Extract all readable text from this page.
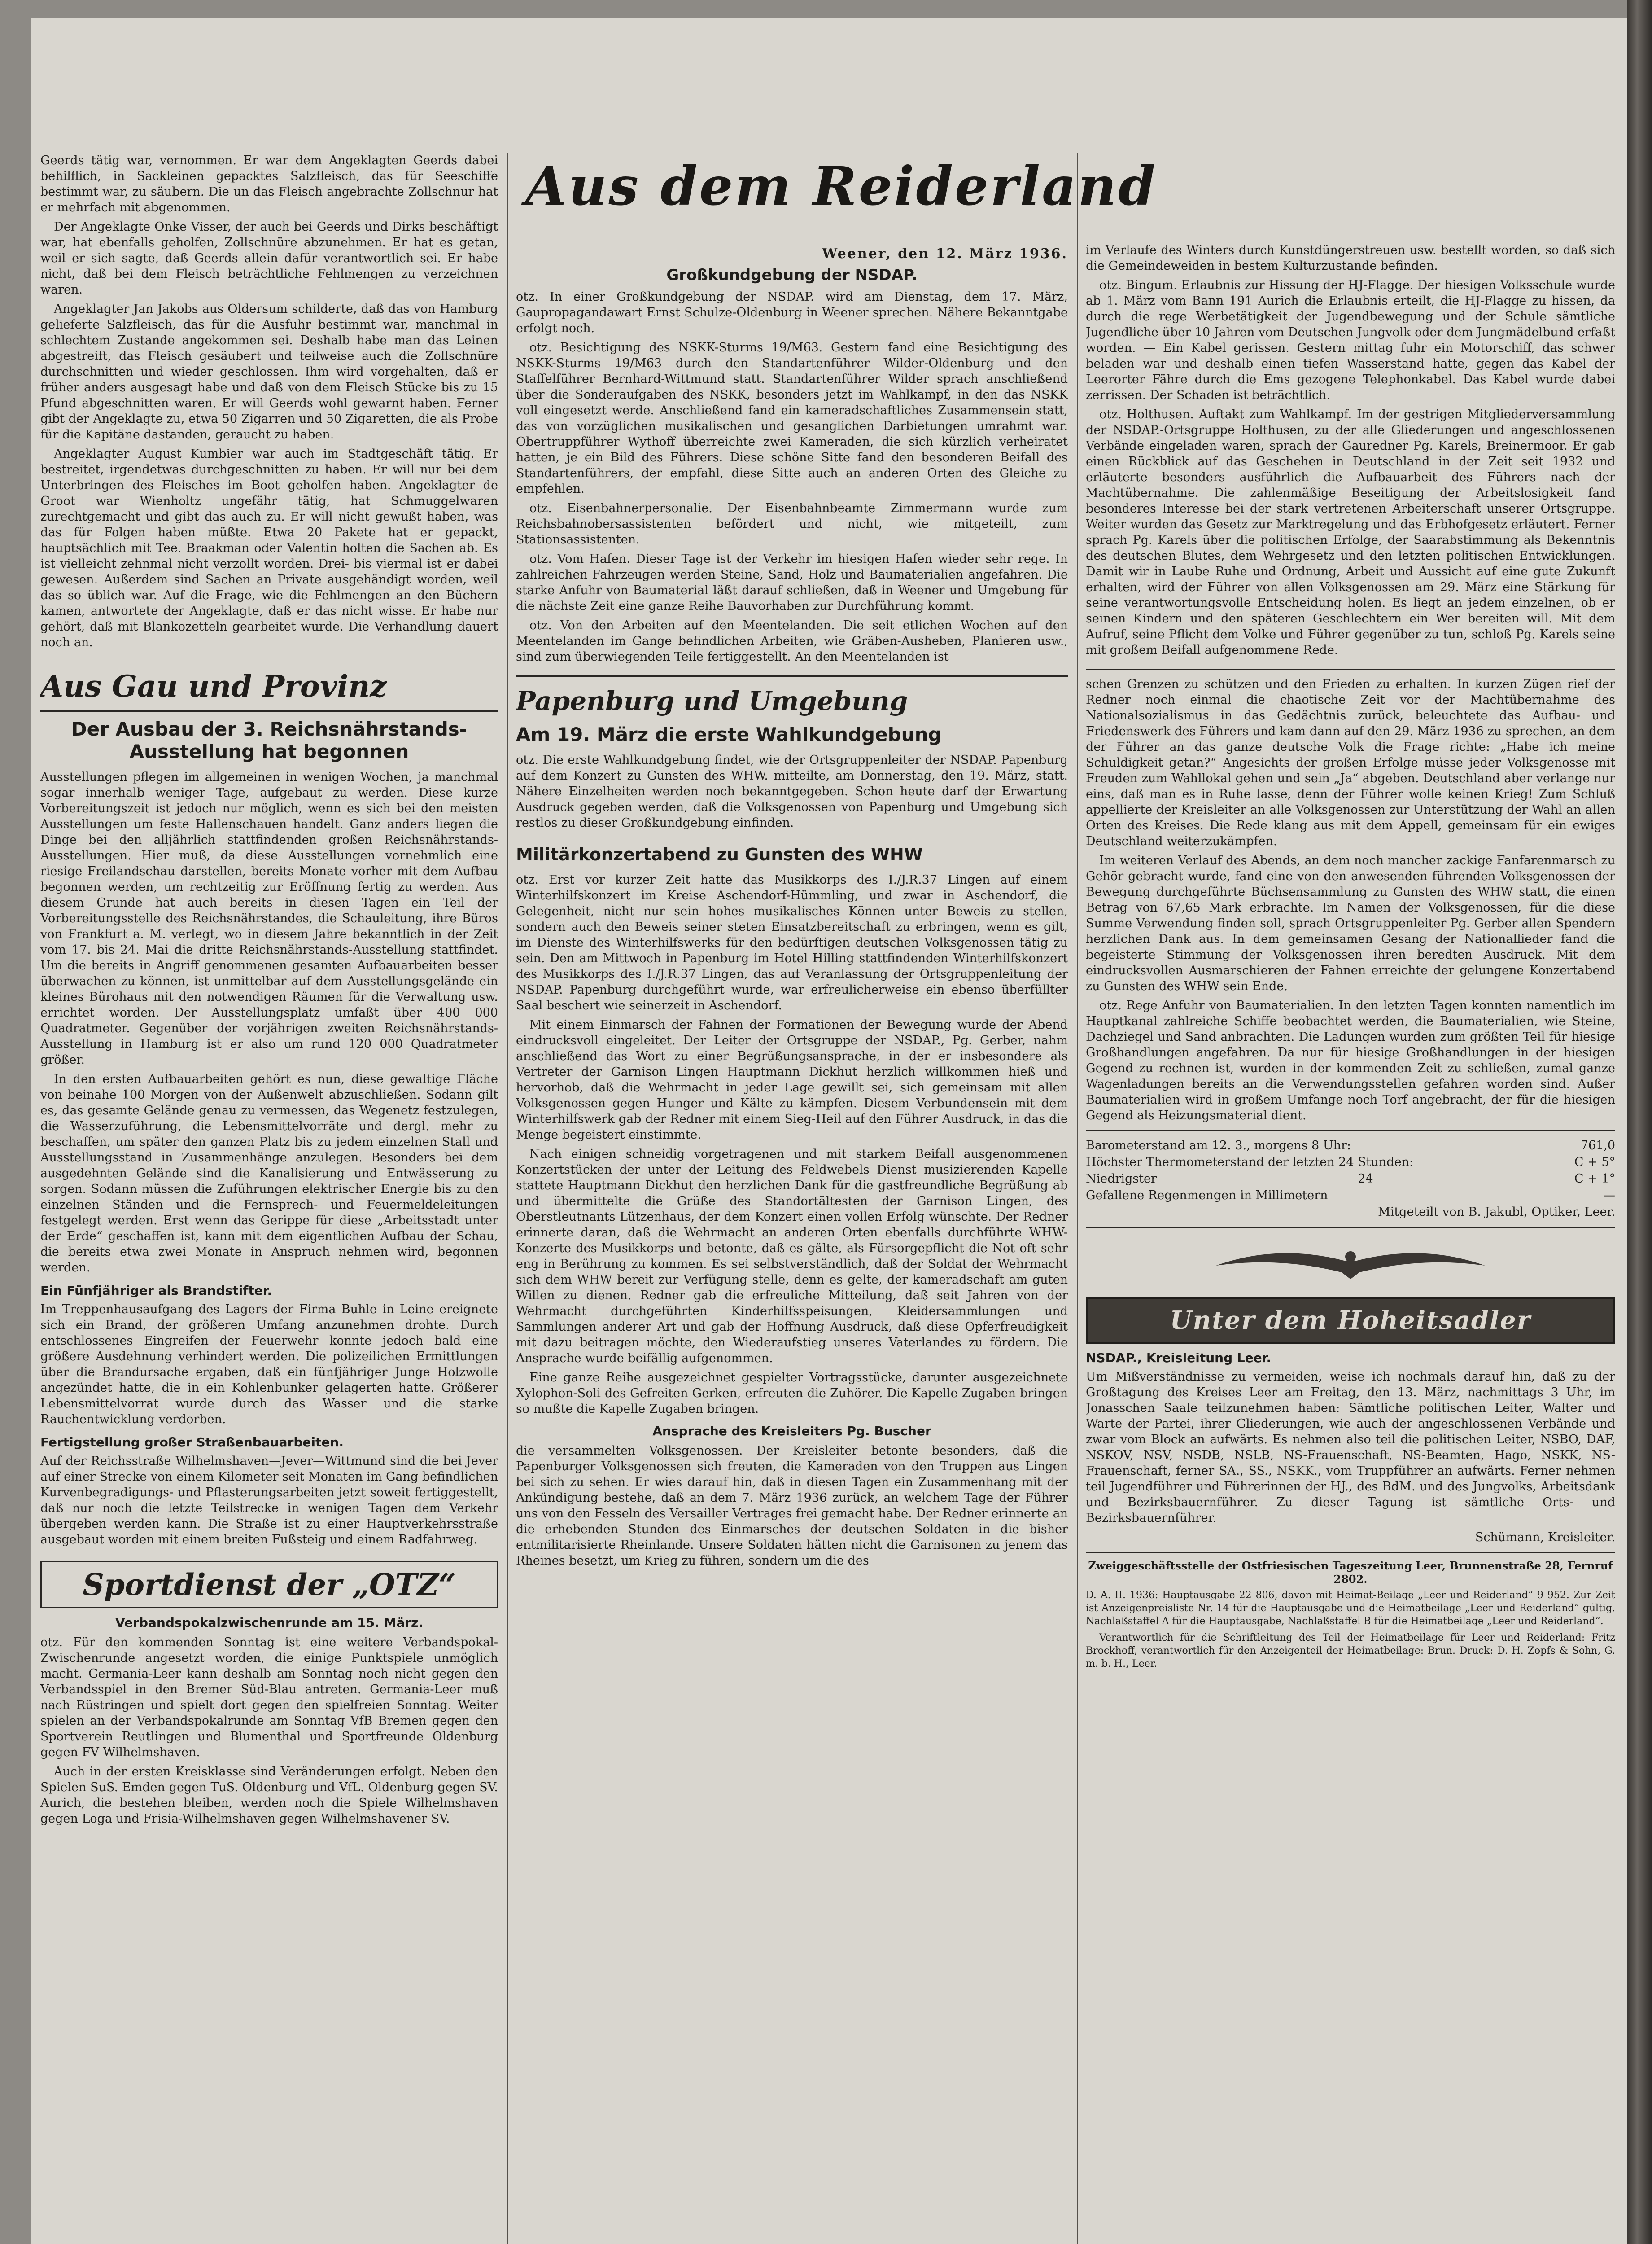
Geerds tätig war, vernommen. Er war dem Angeklagten Geerds dabei behilflich, in Sackleinen gepacktes Salzfleisch, das für Seeschiffe bestimmt war, zu säubern. Die un das Fleisch angebrachte Zollschnur hat er mehrfach mit abgenommen.

Der Angeklagte Onke Visser, der auch bei Geerds und Dirks beschäftigt war, hat ebenfalls geholfen, Zollschnüre abzunehmen. Er hat es getan, weil er sich sagte, daß Geerds allein dafür verantwortlich sei. Er habe nicht, daß bei dem Fleisch beträchtliche Fehlmengen zu verzeichnen waren.

Angeklagter Jan Jakobs aus Oldersum schilderte, daß das von Hamburg gelieferte Salzfleisch, das für die Ausfuhr bestimmt war, manchmal in schlechtem Zustande angekommen sei. Deshalb habe man das Leinen abgestreift, das Fleisch gesäubert und teilweise auch die Zollschnüre durchschnitten und wieder geschlossen. Ihm wird vorgehalten, daß er früher anders ausgesagt habe und daß von dem Fleisch Stücke bis zu 15 Pfund abgeschnitten waren. Er will Geerds wohl gewarnt haben. Ferner gibt der Angeklagte zu, etwa 50 Zigarren und 50 Zigaretten, die als Probe für die Kapitäne dastanden, geraucht zu haben.

Angeklagter August Kumbier war auch im Stadtgeschäft tätig. Er bestreitet, irgendetwas durchgeschnitten zu haben. Er will nur bei dem Unterbringen des Fleisches im Boot geholfen haben. Angeklagter de Groot war Wienholtz ungefähr tätig, hat Schmuggelwaren zurechtgemacht und gibt das auch zu. Er will nicht gewußt haben, was das für Folgen haben müßte. Etwa 20 Pakete hat er gepackt, hauptsächlich mit Tee. Braakman oder Valentin holten die Sachen ab. Es ist vielleicht zehnmal nicht verzollt worden. Drei- bis viermal ist er dabei gewesen. Außerdem sind Sachen an Private ausgehändigt worden, weil das so üblich war. Auf die Frage, wie die Fehlmengen an den Büchern kamen, antwortete der Angeklagte, daß er das nicht wisse. Er habe nur gehört, daß mit Blankozetteln gearbeitet wurde. Die Verhandlung dauert noch an.

Aus Gau und Provinz
Der Ausbau der 3. Reichsnährstands-Ausstellung hat begonnen

Ausstellungen pflegen im allgemeinen in wenigen Wochen, ja manchmal sogar innerhalb weniger Tage, aufgebaut zu werden. Diese kurze Vorbereitungszeit ist jedoch nur möglich, wenn es sich bei den meisten Ausstellungen um feste Hallenschauen handelt. Ganz anders liegen die Dinge bei den alljährlich stattfindenden großen Reichsnährstands-Ausstellungen. Hier muß, da diese Ausstellungen vornehmlich eine riesige Freilandschau darstellen, bereits Monate vorher mit dem Aufbau begonnen werden, um rechtzeitig zur Eröffnung fertig zu werden. Aus diesem Grunde hat auch bereits in diesen Tagen ein Teil der Vorbereitungsstelle des Reichsnährstandes, die Schauleitung, ihre Büros von Frankfurt a. M. verlegt, wo in diesem Jahre bekanntlich in der Zeit vom 17. bis 24. Mai die dritte Reichsnährstands-Ausstellung stattfindet. Um die bereits in Angriff genommenen gesamten Aufbauarbeiten besser überwachen zu können, ist unmittelbar auf dem Ausstellungsgelände ein kleines Bürohaus mit den notwendigen Räumen für die Verwaltung usw. errichtet worden. Der Ausstellungsplatz umfaßt über 400 000 Quadratmeter. Gegenüber der vorjährigen zweiten Reichsnährstands-Ausstellung in Hamburg ist er also um rund 120 000 Quadratmeter größer.

In den ersten Aufbauarbeiten gehört es nun, diese gewaltige Fläche von beinahe 100 Morgen von der Außenwelt abzuschließen. Sodann gilt es, das gesamte Gelände genau zu vermessen, das Wegenetz festzulegen, die Wasserzuführung, die Lebensmittelvorräte und dergl. mehr zu beschaffen, um später den ganzen Platz bis zu jedem einzelnen Stall und Ausstellungsstand in Zusammenhänge anzulegen. Besonders bei dem ausgedehnten Gelände sind die Kanalisierung und Entwässerung zu sorgen. Sodann müssen die Zuführungen elektrischer Energie bis zu den einzelnen Ständen und die Fernsprech- und Feuermeldeleitungen festgelegt werden. Erst wenn das Gerippe für diese „Arbeitsstadt unter der Erde“ geschaffen ist, kann mit dem eigentlichen Aufbau der Schau, die bereits etwa zwei Monate in Anspruch nehmen wird, begonnen werden.

Ein Fünfjähriger als Brandstifter.

Im Treppenhausaufgang des Lagers der Firma Buhle in Leine ereignete sich ein Brand, der größeren Umfang anzunehmen drohte. Durch entschlossenes Eingreifen der Feuerwehr konnte jedoch bald eine größere Ausdehnung verhindert werden. Die polizeilichen Ermittlungen über die Brandursache ergaben, daß ein fünfjähriger Junge Holzwolle angezündet hatte, die in ein Kohlenbunker gelagerten hatte. Größerer Lebensmittelvorrat wurde durch das Wasser und die starke Rauchentwicklung verdorben.

Fertigstellung großer Straßenbauarbeiten.

Auf der Reichsstraße Wilhelmshaven—Jever—Wittmund sind die bei Jever auf einer Strecke von einem Kilometer seit Monaten im Gang befindlichen Kurvenbegradigungs- und Pflasterungsarbeiten jetzt soweit fertiggestellt, daß nur noch die letzte Teilstrecke in wenigen Tagen dem Verkehr übergeben werden kann. Die Straße ist zu einer Hauptverkehrsstraße ausgebaut worden mit einem breiten Fußsteig und einem Radfahrweg.

Sportdienst der „OTZ“
Verbandspokalzwischenrunde am 15. März.

otz. Für den kommenden Sonntag ist eine weitere Verbandspokal-Zwischenrunde angesetzt worden, die einige Punktspiele unmöglich macht. Germania-Leer kann deshalb am Sonntag noch nicht gegen den Verbandsspiel in den Bremer Süd-Blau antreten. Germania-Leer muß nach Rüstringen und spielt dort gegen den spielfreien Sonntag. Weiter spielen an der Verbandspokalrunde am Sonntag VfB Bremen gegen den Sportverein Reutlingen und Blumenthal und Sportfreunde Oldenburg gegen FV Wilhelmshaven.

Auch in der ersten Kreisklasse sind Veränderungen erfolgt. Neben den Spielen SuS. Emden gegen TuS. Oldenburg und VfL. Oldenburg gegen SV. Aurich, die bestehen bleiben, werden noch die Spiele Wilhelmshaven gegen Loga und Frisia-Wilhelmshaven gegen Wilhelmshavener SV.

Aus dem Reiderland
Weener, den 12. März 1936.
Großkundgebung der NSDAP.

otz. In einer Großkundgebung der NSDAP. wird am Dienstag, dem 17. März, Gaupropagandawart Ernst Schulze-Oldenburg in Weener sprechen. Nähere Bekanntgabe erfolgt noch.

otz. Besichtigung des NSKK-Sturms 19/M63. Gestern fand eine Besichtigung des NSKK-Sturms 19/M63 durch den Standartenführer Wilder-Oldenburg und den Staffelführer Bernhard-Wittmund statt. Standartenführer Wilder sprach anschließend über die Sonderaufgaben des NSKK, besonders jetzt im Wahlkampf, in den das NSKK voll eingesetzt werde. Anschließend fand ein kameradschaftliches Zusammensein statt, das von vorzüglichen musikalischen und gesanglichen Darbietungen umrahmt war. Obertruppführer Wythoff überreichte zwei Kameraden, die sich kürzlich verheiratet hatten, je ein Bild des Führers. Diese schöne Sitte fand den besonderen Beifall des Standartenführers, der empfahl, diese Sitte auch an anderen Orten des Gleiche zu empfehlen.

otz. Eisenbahnerpersonalie. Der Eisenbahnbeamte Zimmermann wurde zum Reichsbahnobersassistenten befördert und nicht, wie mitgeteilt, zum Stationsassistenten.

otz. Vom Hafen. Dieser Tage ist der Verkehr im hiesigen Hafen wieder sehr rege. In zahlreichen Fahrzeugen werden Steine, Sand, Holz und Baumaterialien angefahren. Die starke Anfuhr von Baumaterial läßt darauf schließen, daß in Weener und Umgebung für die nächste Zeit eine ganze Reihe Bauvorhaben zur Durchführung kommt.

otz. Von den Arbeiten auf den Meentelanden. Die seit etlichen Wochen auf den Meentelanden im Gange befindlichen Arbeiten, wie Gräben-Ausheben, Planieren usw., sind zum überwiegenden Teile fertiggestellt. An den Meentelanden ist

Papenburg und Umgebung
Am 19. März die erste Wahlkundgebung

otz. Die erste Wahlkundgebung findet, wie der Ortsgruppenleiter der NSDAP. Papenburg auf dem Konzert zu Gunsten des WHW. mitteilte, am Donnerstag, den 19. März, statt. Nähere Einzelheiten werden noch bekanntgegeben. Schon heute darf der Erwartung Ausdruck gegeben werden, daß die Volksgenossen von Papenburg und Umgebung sich restlos zu dieser Großkundgebung einfinden.

Militärkonzertabend zu Gunsten des WHW

otz. Erst vor kurzer Zeit hatte das Musikkorps des I./J.R.37 Lingen auf einem Winterhilfskonzert im Kreise Aschendorf-Hümmling, und zwar in Aschendorf, die Gelegenheit, nicht nur sein hohes musikalisches Können unter Beweis zu stellen, sondern auch den Beweis seiner steten Einsatzbereitschaft zu erbringen, wenn es gilt, im Dienste des Winterhilfswerks für den bedürftigen deutschen Volksgenossen tätig zu sein. Den am Mittwoch in Papenburg im Hotel Hilling stattfindenden Winterhilfskonzert des Musikkorps des I./J.R.37 Lingen, das auf Veranlassung der Ortsgruppenleitung der NSDAP. Papenburg durchgeführt wurde, war erfreulicherweise ein ebenso überfüllter Saal beschert wie seinerzeit in Aschendorf.

Mit einem Einmarsch der Fahnen der Formationen der Bewegung wurde der Abend eindrucksvoll eingeleitet. Der Leiter der Ortsgruppe der NSDAP., Pg. Gerber, nahm anschließend das Wort zu einer Begrüßungsansprache, in der er insbesondere als Vertreter der Garnison Lingen Hauptmann Dickhut herzlich willkommen hieß und hervorhob, daß die Wehrmacht in jeder Lage gewillt sei, sich gemeinsam mit allen Volksgenossen gegen Hunger und Kälte zu kämpfen. Diesem Verbundensein mit dem Winterhilfswerk gab der Redner mit einem Sieg-Heil auf den Führer Ausdruck, in das die Menge begeistert einstimmte.

Nach einigen schneidig vorgetragenen und mit starkem Beifall ausgenommenen Konzertstücken der unter der Leitung des Feldwebels Dienst musizierenden Kapelle stattete Hauptmann Dickhut den herzlichen Dank für die gastfreundliche Begrüßung ab und übermittelte die Grüße des Standortältesten der Garnison Lingen, des Oberstleutnants Lützenhaus, der dem Konzert einen vollen Erfolg wünschte. Der Redner erinnerte daran, daß die Wehrmacht an anderen Orten ebenfalls durchführte WHW-Konzerte des Musikkorps und betonte, daß es gälte, als Fürsorgepflicht die Not oft sehr eng in Berührung zu kommen. Es sei selbstverständlich, daß der Soldat der Wehrmacht sich dem WHW bereit zur Verfügung stelle, denn es gelte, der kameradschaft am guten Willen zu dienen. Redner gab die erfreuliche Mitteilung, daß seit Jahren von der Wehrmacht durchgeführten Kinderhilfsspeisungen, Kleidersammlungen und Sammlungen anderer Art und gab der Hoffnung Ausdruck, daß diese Opferfreudigkeit mit dazu beitragen möchte, den Wiederaufstieg unseres Vaterlandes zu fördern. Die Ansprache wurde beifällig aufgenommen.

Eine ganze Reihe ausgezeichnet gespielter Vortragsstücke, darunter ausgezeichnete Xylophon-Soli des Gefreiten Gerken, erfreuten die Zuhörer. Die Kapelle Zugaben bringen so mußte die Kapelle Zugaben bringen.

Ansprache des Kreisleiters Pg. Buscher

die versammelten Volksgenossen. Der Kreisleiter betonte besonders, daß die Papenburger Volksgenossen sich freuten, die Kameraden von den Truppen aus Lingen bei sich zu sehen. Er wies darauf hin, daß in diesen Tagen ein Zusammenhang mit der Ankündigung bestehe, daß an dem 7. März 1936 zurück, an welchem Tage der Führer uns von den Fesseln des Versailler Vertrages frei gemacht habe. Der Redner erinnerte an die erhebenden Stunden des Einmarsches der deutschen Soldaten in die bisher entmilitarisierte Rheinlande. Unsere Soldaten hätten nicht die Garnisonen zu jenem das Rheines besetzt, um Krieg zu führen, sondern um die des

im Verlaufe des Winters durch Kunstdüngerstreuen usw. bestellt worden, so daß sich die Gemeindeweiden in bestem Kulturzustande befinden.

otz. Bingum. Erlaubnis zur Hissung der HJ-Flagge. Der hiesigen Volksschule wurde ab 1. März vom Bann 191 Aurich die Erlaubnis erteilt, die HJ-Flagge zu hissen, da durch die rege Werbetätigkeit der Jugendbewegung und der Schule sämtliche Jugendliche über 10 Jahren vom Deutschen Jungvolk oder dem Jungmädelbund erfaßt worden. — Ein Kabel gerissen. Gestern mittag fuhr ein Motorschiff, das schwer beladen war und deshalb einen tiefen Wasserstand hatte, gegen das Kabel der Leerorter Fähre durch die Ems gezogene Telephonkabel. Das Kabel wurde dabei zerrissen. Der Schaden ist beträchtlich.

otz. Holthusen. Auftakt zum Wahlkampf. Im der gestrigen Mitgliederversammlung der NSDAP.-Ortsgruppe Holthusen, zu der alle Gliederungen und angeschlossenen Verbände eingeladen waren, sprach der Gauredner Pg. Karels, Breinermoor. Er gab einen Rückblick auf das Geschehen in Deutschland in der Zeit seit 1932 und erläuterte besonders ausführlich die Aufbauarbeit des Führers nach der Machtübernahme. Die zahlenmäßige Beseitigung der Arbeitslosigkeit fand besonderes Interesse bei der stark vertretenen Arbeiterschaft unserer Ortsgruppe. Weiter wurden das Gesetz zur Marktregelung und das Erbhofgesetz erläutert. Ferner sprach Pg. Karels über die politischen Erfolge, der Saarabstimmung als Bekenntnis des deutschen Blutes, dem Wehrgesetz und den letzten politischen Entwicklungen. Damit wir in Laube Ruhe und Ordnung, Arbeit und Aussicht auf eine gute Zukunft erhalten, wird der Führer von allen Volksgenossen am 29. März eine Stärkung für seine verantwortungsvolle Entscheidung holen. Es liegt an jedem einzelnen, ob er seinen Kindern und den späteren Geschlechtern ein Wer bereiten will. Mit dem Aufruf, seine Pflicht dem Volke und Führer gegenüber zu tun, schloß Pg. Karels seine mit großem Beifall aufgenommene Rede.

schen Grenzen zu schützen und den Frieden zu erhalten. In kurzen Zügen rief der Redner noch einmal die chaotische Zeit vor der Machtübernahme des Nationalsozialismus in das Gedächtnis zurück, beleuchtete das Aufbau- und Friedenswerk des Führers und kam dann auf den 29. März 1936 zu sprechen, an dem der Führer an das ganze deutsche Volk die Frage richte: „Habe ich meine Schuldigkeit getan?“ Angesichts der großen Erfolge müsse jeder Volksgenosse mit Freuden zum Wahllokal gehen und sein „Ja“ abgeben. Deutschland aber verlange nur eins, daß man es in Ruhe lasse, denn der Führer wolle keinen Krieg! Zum Schluß appellierte der Kreisleiter an alle Volksgenossen zur Unterstützung der Wahl an allen Orten des Kreises. Die Rede klang aus mit dem Appell, gemeinsam für ein ewiges Deutschland weiterzukämpfen.

Im weiteren Verlauf des Abends, an dem noch mancher zackige Fanfarenmarsch zu Gehör gebracht wurde, fand eine von den anwesenden führenden Volksgenossen der Bewegung durchgeführte Büchsensammlung zu Gunsten des WHW statt, die einen Betrag von 67,65 Mark erbrachte. Im Namen der Volksgenossen, für die diese Summe Verwendung finden soll, sprach Ortsgruppenleiter Pg. Gerber allen Spendern herzlichen Dank aus. In dem gemeinsamen Gesang der Nationallieder fand die begeisterte Stimmung der Volksgenossen ihren beredten Ausdruck. Mit dem eindrucksvollen Ausmarschieren der Fahnen erreichte der gelungene Konzertabend zu Gunsten des WHW sein Ende.

otz. Rege Anfuhr von Baumaterialien. In den letzten Tagen konnten namentlich im Hauptkanal zahlreiche Schiffe beobachtet werden, die Baumaterialien, wie Steine, Dachziegel und Sand anbrachten. Die Ladungen wurden zum größten Teil für hiesige Großhandlungen angefahren. Da nur für hiesige Großhandlungen in der hiesigen Gegend zu rechnen ist, wurden in der kommenden Zeit zu schließen, zumal ganze Wagenladungen bereits an die Verwendungsstellen gefahren worden sind. Außer Baumaterialien wird in großem Umfange noch Torf angebracht, der für die hiesigen Gegend als Heizungsmaterial dient.

Barometerstand am 12. 3., morgens 8 Uhr:	761,0
Höchster Thermometerstand der letzten 24 Stunden:	C + 5°
Niedrigster	24	C + 1°
Gefallene Regenmengen in Millimetern	—
Mitgeteilt von B. Jakubl, Optiker, Leer.
Unter dem Hoheitsadler
NSDAP., Kreisleitung Leer.

Um Mißverständnisse zu vermeiden, weise ich nochmals darauf hin, daß zu der Großtagung des Kreises Leer am Freitag, den 13. März, nachmittags 3 Uhr, im Jonasschen Saale teilzunehmen haben: Sämtliche politischen Leiter, Walter und Warte der Partei, ihrer Gliederungen, wie auch der angeschlossenen Verbände und zwar vom Block an aufwärts. Es nehmen also teil die politischen Leiter, NSBO, DAF, NSKOV, NSV, NSDB, NSLB, NS-Frauenschaft, NS-Beamten, Hago, NSKK, NS-Frauenschaft, ferner SA., SS., NSKK., vom Truppführer an aufwärts. Ferner nehmen teil Jugendführer und Führerinnen der HJ., des BdM. und des Jungvolks, Arbeitsdank und Bezirksbauernführer. Zu dieser Tagung ist sämtliche Orts- und Bezirksbauernführer.

Schümann, Kreisleiter.
Zweiggeschäftsstelle der Ostfriesischen Tageszeitung Leer, Brunnenstraße 28, Fernruf 2802.

D. A. II. 1936: Hauptausgabe 22 806, davon mit Heimat-Beilage „Leer und Reiderland“ 9 952. Zur Zeit ist Anzeigenpreisliste Nr. 14 für die Hauptausgabe und die Heimatbeilage „Leer und Reiderland“ gültig. Nachlaßstaffel A für die Hauptausgabe, Nachlaßstaffel B für die Heimatbeilage „Leer und Reiderland“.

Verantwortlich für die Schriftleitung des Teil der Heimatbeilage für Leer und Reiderland: Fritz Brockhoff, verantwortlich für den Anzeigenteil der Heimatbeilage: Brun. Druck: D. H. Zopfs & Sohn, G. m. b. H., Leer.
